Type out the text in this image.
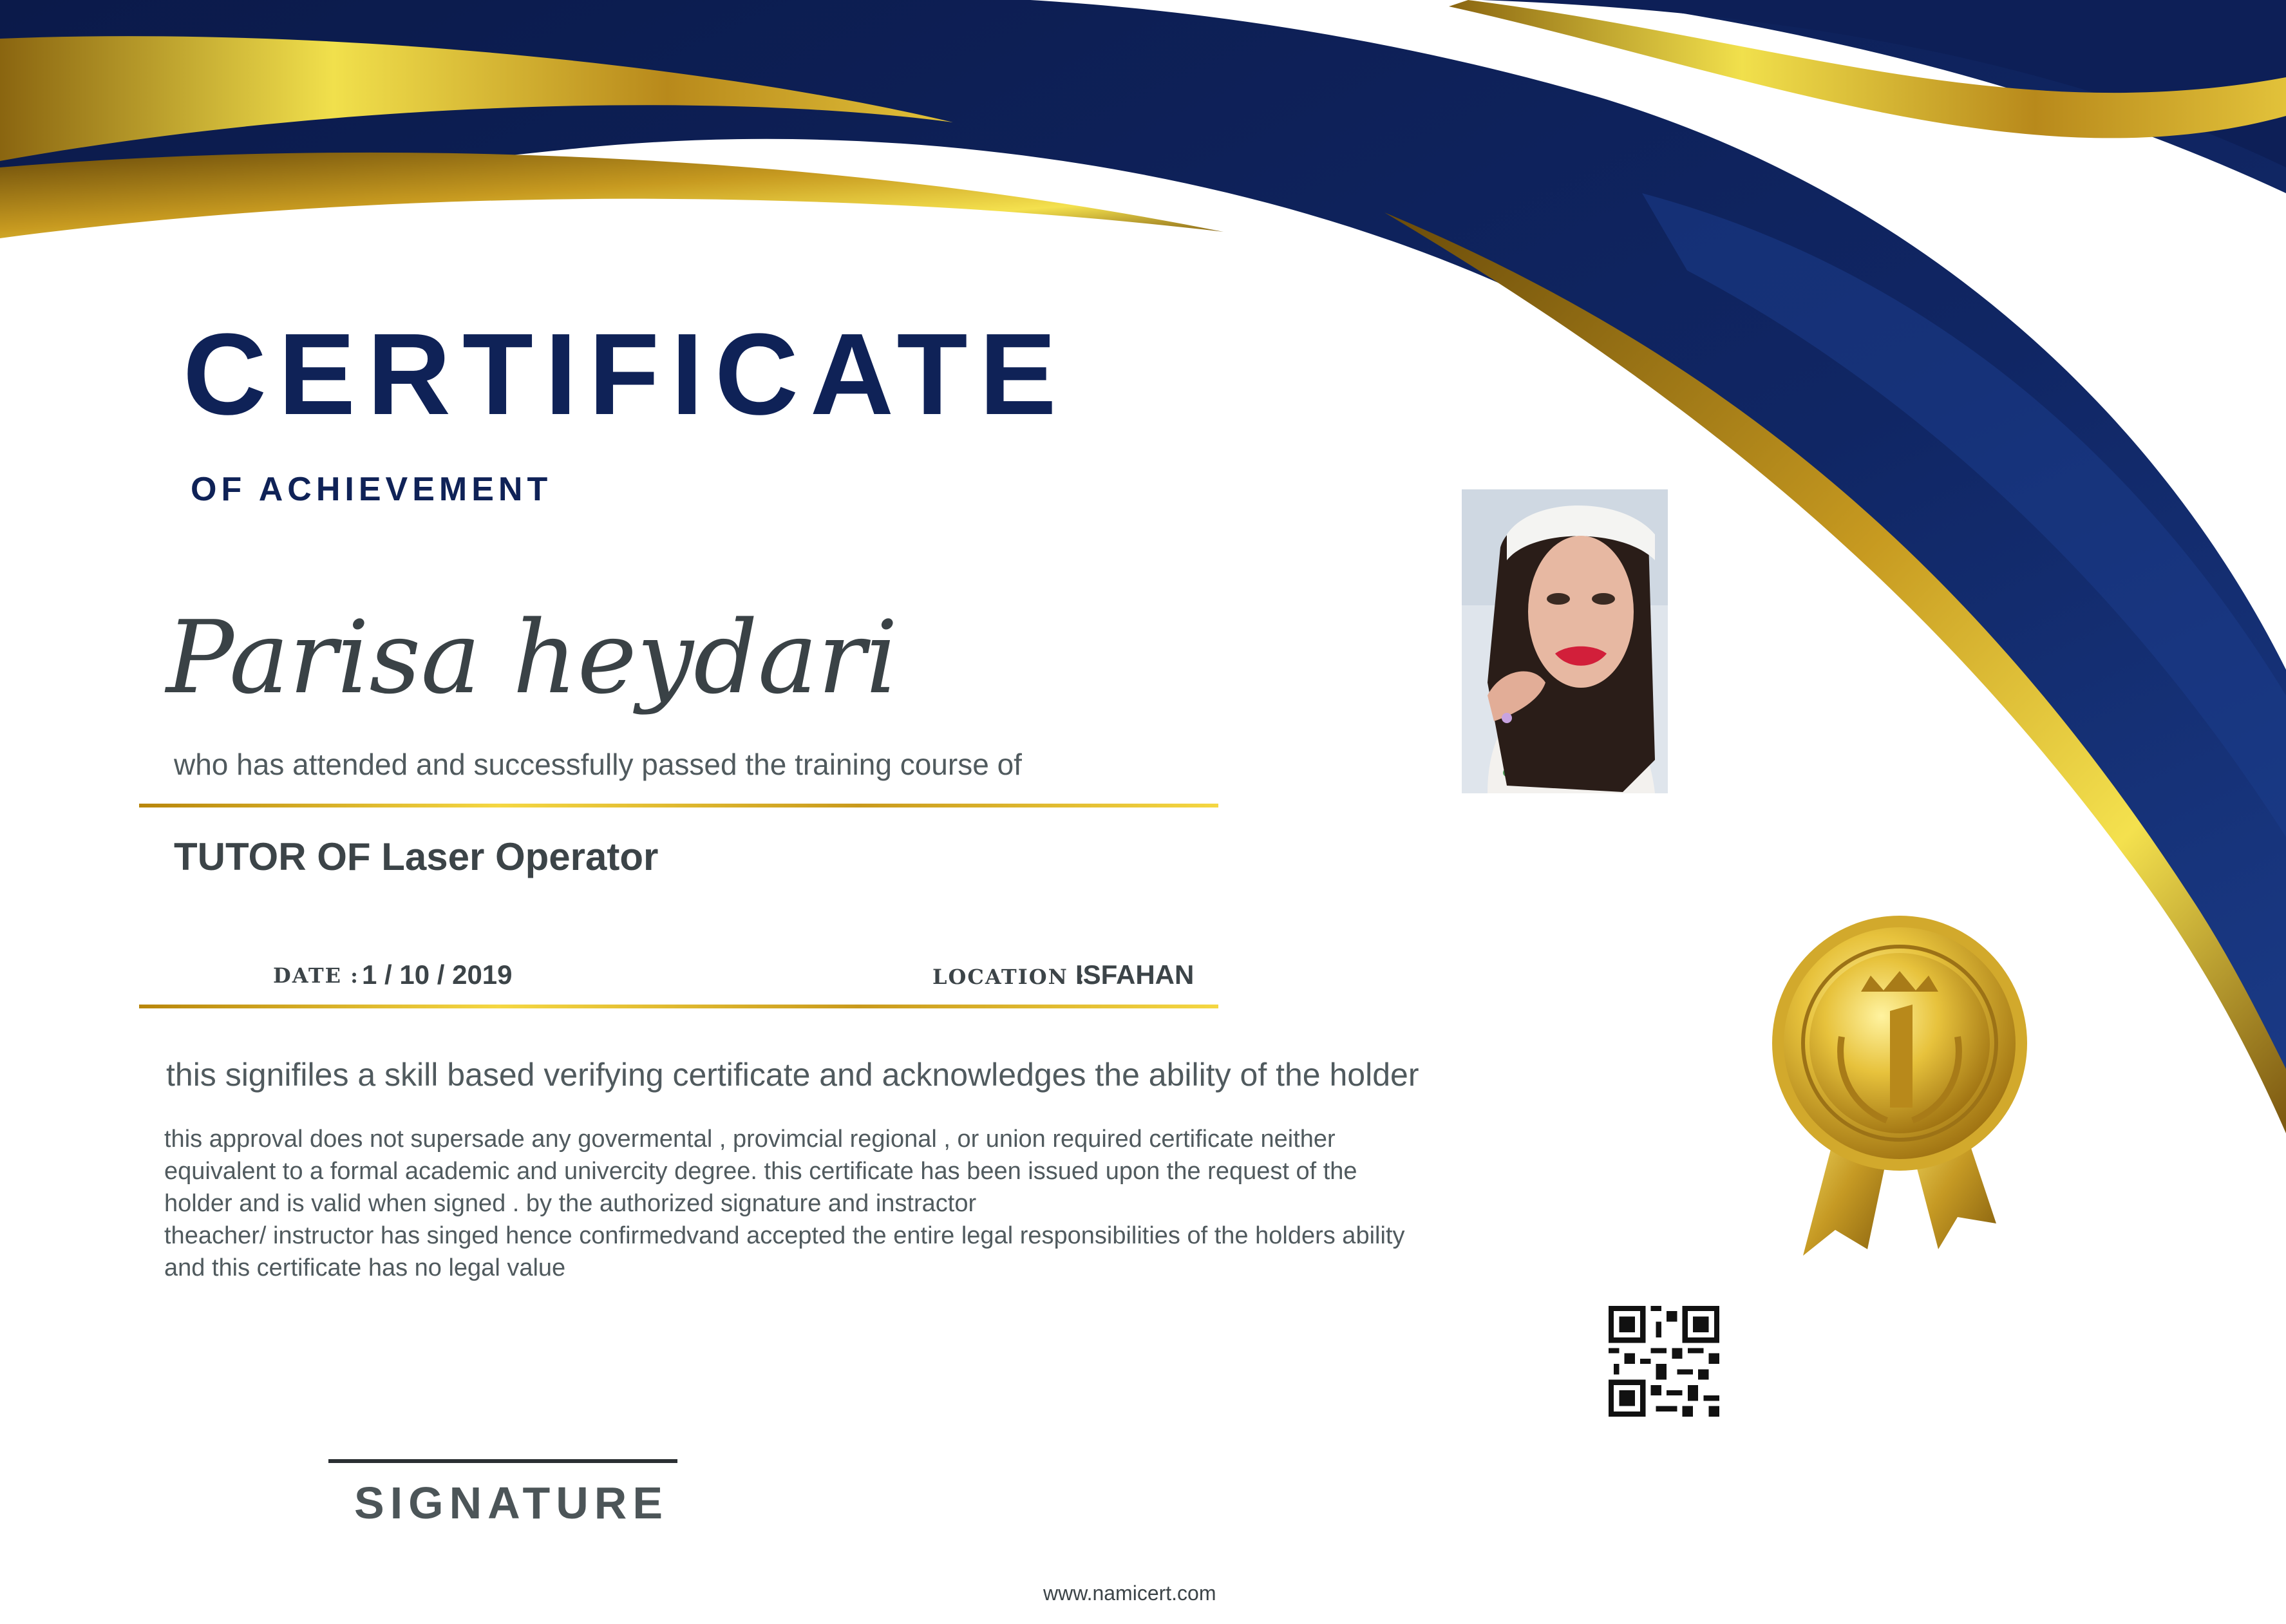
CERTIFICATE
OF ACHIEVEMENT
Parisa heydari
who has attended and successfully passed the training course of
TUTOR OF Laser Operator
DATE : 1 / 10 / 2019	LOCATION :
ISFAHAN
this signifiles a skill based verifying certificate and acknowledges the ability of the holder
this approval does not supersade any govermental , provimcial regional , or union required certificate neither
equivalent to a formal academic and univercity degree. this certificate has been issued upon the request of the
holder and is valid when signed . by the authorized signature and instractor
theacher/ instructor has singed hence confirmedvand accepted the entire legal responsibilities of the holders ability
and this certificate has no legal value
SIGNATURE
www.namicert.com
